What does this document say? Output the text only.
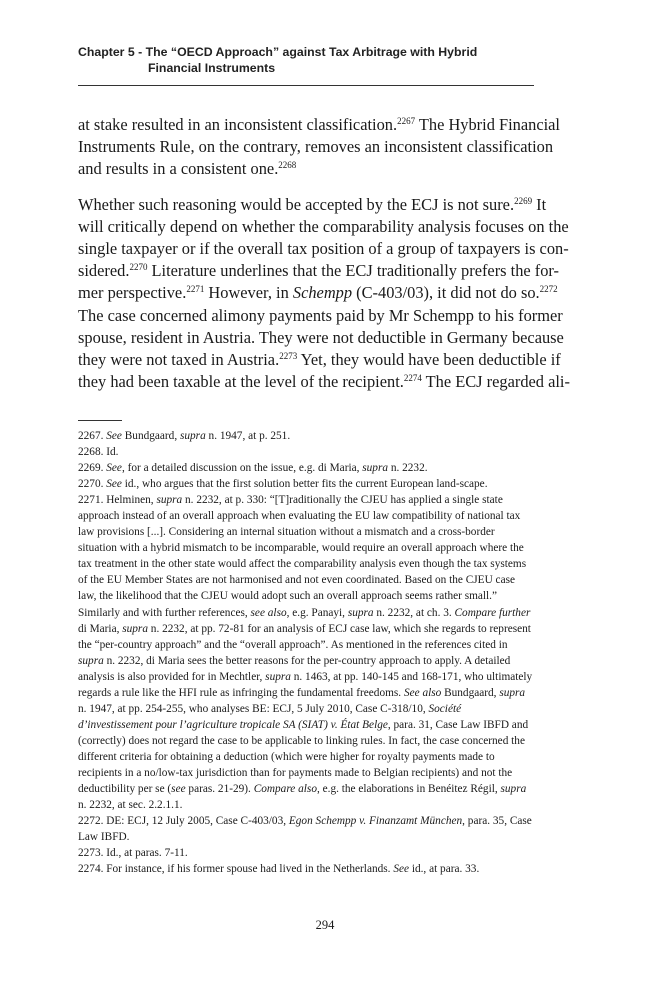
Chapter 5 - The “OECD Approach” against Tax Arbitrage with Hybrid
Financial Instruments
at stake resulted in an inconsistent classification.$^{2267}$ The Hybrid Financial
Instruments Rule, on the contrary, removes an inconsistent classification
and results in a consistent one.$^{2268}$
Whether such reasoning would be accepted by the ECJ is not sure.$^{2269}$ It
will critically depend on whether the comparability analysis focuses on the
single taxpayer or if the overall tax position of a group of taxpayers is con-
sidered.$^{2270}$ Literature underlines that the ECJ traditionally prefers the for-
mer perspective.$^{2271}$ However, in Schempp (C-403/03), it did not do so.$^{2272}$
The case concerned alimony payments paid by Mr Schempp to his former
spouse, resident in Austria. They were not deductible in Germany because
they were not taxed in Austria.$^{2273}$ Yet, they would have been deductible if
they had been taxable at the level of the recipient.$^{2274}$ The ECJ regarded ali-

2267. See Bundgaard, supra n. 1947, at p. 251.

2268. Id.

2269. See, for a detailed discussion on the issue, e.g. di Maria, supra n. 2232.

2270. See id., who argues that the first solution better fits the current European land-scape.

2271. Helminen, supra n. 2232, at p. 330: “[T]raditionally the CJEU has applied a single state approach instead of an overall approach when evaluating the EU law compatibility of national tax law provisions [...]. Considering an internal situation without a mismatch and a cross-border situation with a hybrid mismatch to be incomparable, would require an overall approach where the tax treatment in the other state would affect the comparability analysis even though the tax systems of the EU Member States are not harmonised and not even coordinated. Based on the CJEU case law, the likelihood that the CJEU would adopt such an overall approach seems rather small.” Similarly and with further references, see also, e.g. Panayi, supra n. 2232, at ch. 3. Compare further di Maria, supra n. 2232, at pp. 72-81 for an analysis of ECJ case law, which she regards to represent the “per-country approach” and the “overall approach”. As mentioned in the references cited in supra n. 2232, di Maria sees the better reasons for the per-country approach to apply. A detailed analysis is also provided for in Mechtler, supra n. 1463, at pp. 140-145 and 168-171, who ultimately regards a rule like the HFI rule as infringing the fundamental freedoms. See also Bundgaard, supra n. 1947, at pp. 254-255, who analyses BE: ECJ, 5 July 2010, Case C-318/10, Société d’investissement pour l’agriculture tropicale SA (SIAT) v. État Belge, para. 31, Case Law IBFD and (correctly) does not regard the case to be applicable to linking rules. In fact, the case concerned the different criteria for obtaining a deduction (which were higher for royalty payments made to recipients in a no/low-tax jurisdiction than for payments made to Belgian recipients) and not the deductibility per se (see paras. 21-29). Compare also, e.g. the elaborations in Benéitez Régil, supra n. 2232, at sec. 2.2.1.1.

2272. DE: ECJ, 12 July 2005, Case C-403/03, Egon Schempp v. Finanzamt München, para. 35, Case Law IBFD.

2273. Id., at paras. 7-11.

2274. For instance, if his former spouse had lived in the Netherlands. See id., at para. 33.

294
